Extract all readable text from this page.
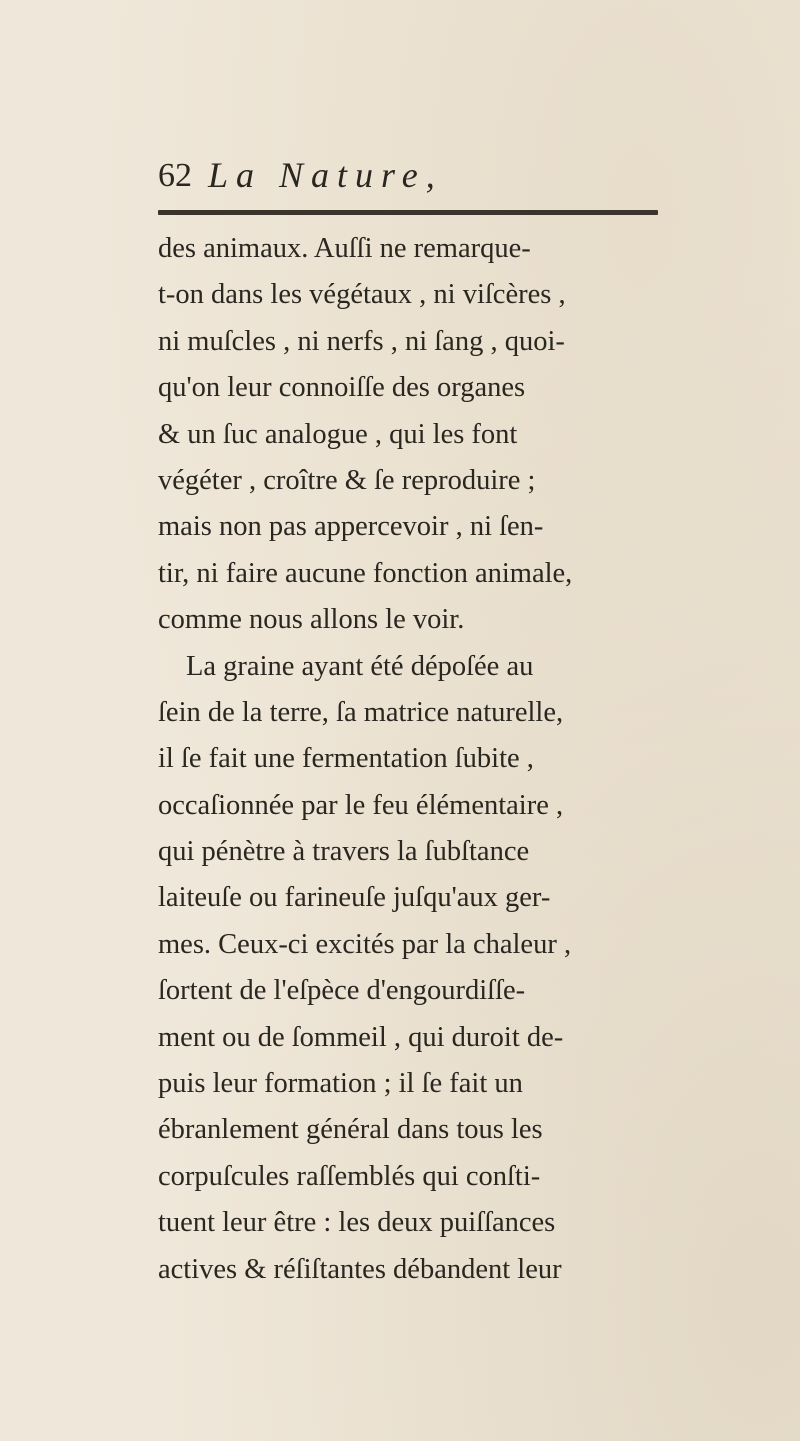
62 La Nature,
des animaux. Auſſi ne remarque-
t-on dans les végétaux , ni viſcères ,
ni muſcles , ni nerfs , ni ſang , quoi-
qu'on leur connoiſſe des organes
& un ſuc analogue , qui les font
végéter , croître & ſe reproduire ;
mais non pas appercevoir , ni ſen-
tir, ni faire aucune fonction animale,
comme nous allons le voir.
La graine ayant été dépoſée au
ſein de la terre, ſa matrice naturelle,
il ſe fait une fermentation ſubite ,
occaſionnée par le feu élémentaire ,
qui pénètre à travers la ſubſtance
laiteuſe ou farineuſe juſqu'aux ger-
mes. Ceux-ci excités par la chaleur ,
ſortent de l'eſpèce d'engourdiſſe-
ment ou de ſommeil , qui duroit de-
puis leur formation ; il ſe fait un
ébranlement général dans tous les
corpuſcules raſſemblés qui conſti-
tuent leur être : les deux puiſſances
actives & réſiſtantes débandent leur
